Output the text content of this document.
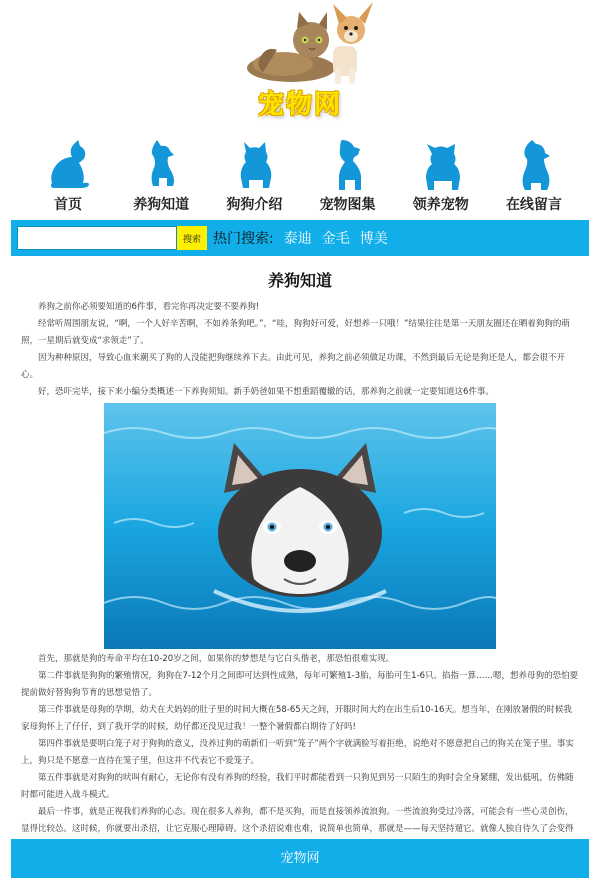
宠物网
首页	养狗知道	狗狗介绍	宠物图集	领养宠物	在线留言
搜索 热门搜索: 泰迪 金毛 博美
养狗知道

养狗之前你必须要知道的6件事，看完你再决定要不要养狗!

经常听周围朋友说，“啊，一个人好辛苦啊，不如养条狗吧。”，“哇，狗狗好可爱，好想养一只哦！”结果往往是第一天朋友圈还在晒着狗狗的萌照，一星期后就变成“求领走”了。

因为种种原因，导致心血来潮买了狗的人没能把狗继续养下去。由此可见，养狗之前必须做足功课，不然到最后无论是狗还是人，都会很不开心。

好，恐吓完毕，接下来小编分类概述一下养狗须知。新手奶爸如果不想重蹈覆辙的话，那养狗之前就一定要知道这6件事。

首先，那就是狗的寿命平均在10-20岁之间，如果你的梦想是与它白头偕老，那恐怕很难实现。

第二件事就是狗狗的繁殖情况，狗狗在7-12个月之间即可达到性成熟，每年可繁殖1-3胎，每胎可生1-6只。掐指一算……嗯，想养母狗的恐怕要提前做好替狗狗节育的思想觉悟了。

第三件事就是母狗的孕期，幼犬在犬妈妈的肚子里的时间大概在58-65天之间，开眼时间大约在出生后10-16天。想当年，在刚放暑假的时候我家母狗怀上了仔仔，到了我开学的时候，幼仔都还没见过我！一整个暑假都白期待了好吗!

第四件事就是要明白笼子对于狗狗的意义，没养过狗的萌新们一听到“笼子”两个字就满脸写着拒绝，说绝对不愿意把自己的狗关在笼子里。事实上，狗只是不愿意一直待在笼子里，但这并不代表它不爱笼子。

第五件事就是对狗狗的吠叫有耐心，无论你有没有养狗的经验，我们平时都能看到一只狗见到另一只陌生的狗时会全身紧绷，发出低吼，仿佛随时都可能进入战斗模式。

最后一件事，就是正视我们养狗的心态。现在很多人养狗，都不是买狗，而是直接领养流浪狗。一些流浪狗受过冷落，可能会有一些心灵创伤，显得比较怂。这时候，你就要出杀招，让它克服心理障碍。这个杀招说难也难，说简单也简单，那就是——每天坚持遛它。就像人独自待久了会变得

宠物网
